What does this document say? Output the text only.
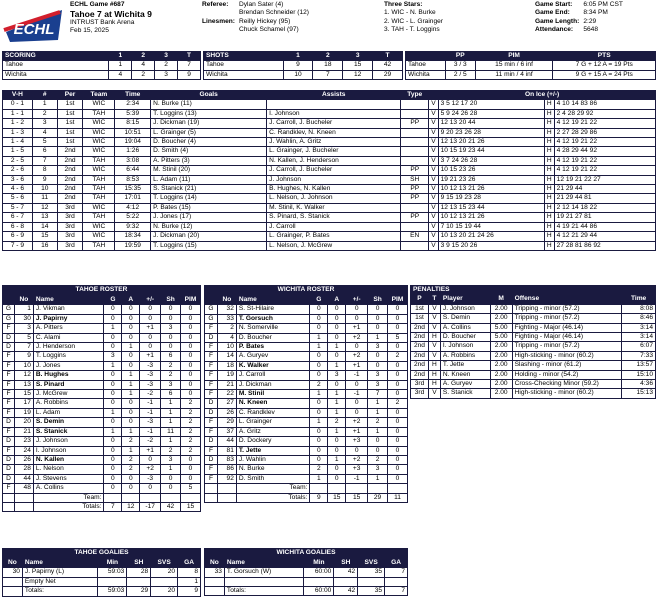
ECHL
ECHL Game #687
Tahoe 7 at Wichita 9
INTRUST Bank Arena
Feb 15, 2025
Referee:	Dylan Sater (4)
	Brendan Schneider (12)
Linesmen:	Reilly Hickey (95)
	Chuck Schamel (97)
Three Stars:
1. WIC - N. Burke
2. WIC - L. Grainger
3. TAH - T. Loggins
Game Start:	6:05 PM CST
Game End:	8:34 PM
Game Length:	2:29
Attendance:	5648
SCORING	1	2	3	T
Tahoe	1	4	2	7
Wichita	4	2	3	9
SHOTS	1	2	3	T
Tahoe	9	18	15	42
Wichita	10	7	12	29
	PP	PIM	PTS
Tahoe	3 / 3	15 min / 6 inf	7 G + 12 A = 19 Pts
Wichita	2 / 5	11 min / 4 inf	9 G + 15 A = 24 Pts
V-H	#	Per	Team	Time	Goals	Assists	Type	On Ice (+/-)			
0 - 1	1	1st	WIC	2:34	N. Burke (11)			V	3 5 12 17 20	H	4 10 14 83 86
1 - 1	2	1st	TAH	5:39	T. Loggins (13)	I. Johnson		V	5 9 24 26 28	H	2 4 28 29 92
1 - 2	3	1st	WIC	8:15	J. Dickman (19)	J. Carroll, J. Bucheler	PP	V	12 13 20 44	H	4 12 19 21 22
1 - 3	4	1st	WIC	10:51	L. Grainger (5)	C. Randklev, N. Kneen		V	9 20 23 26 28	H	2 27 28 29 86
1 - 4	5	1st	WIC	19:04	D. Boucher (4)	J. Wahlin, A. Gritz		V	12 13 20 21 26	H	4 12 19 21 22
1 - 5	6	2nd	WIC	1:26	D. Smith (4)	L. Grainger, J. Bucheler		V	10 15 19 23 44	H	4 28 29 44 92
2 - 5	7	2nd	TAH	3:08	A. Pitters (3)	N. Kallen, J. Henderson		V	3 7 24 26 28	H	4 12 19 21 22
2 - 6	8	2nd	WIC	6:44	M. Stinil (20)	J. Carroll, J. Bucheler	PP	V	10 15 23 26	H	4 12 19 21 22
3 - 6	9	2nd	TAH	8:53	L. Adam (11)	J. Johnson	SH	V	19 21 23 26	H	12 19 21 22 27
4 - 6	10	2nd	TAH	15:35	S. Stanick (21)	B. Hughes, N. Kallen	PP	V	10 12 13 21 26	H	21 29 44
5 - 6	11	2nd	TAH	17:01	T. Loggins (14)	L. Nelson, J. Johnson	PP	V	9 15 19 23 28	H	21 29 44 81
5 - 7	12	3rd	WIC	4:12	P. Bates (15)	M. Stinil, K. Walker		V	12 13 15 23 44	H	2 12 14 18 22
6 - 7	13	3rd	TAH	5:22	J. Jones (17)	S. Pinard, S. Stanick	PP	V	10 12 13 21 26	H	19 21 27 81
6 - 8	14	3rd	WIC	9:32	N. Burke (12)	J. Carroll		V	7 10 15 19 44	H	4 19 21 44 86
6 - 9	15	3rd	WIC	18:34	J. Dickman (20)	L. Grainger, P. Bates	EN	V	10 13 20 21 24 26	H	4 12 21 29 44
7 - 9	16	3rd	TAH	19:59	T. Loggins (15)	L. Nelson, J. McGrew		V	3 9 15 20 26	H	27 28 81 86 92
TAHOE ROSTER
	No	Name	G	A	+/-	Sh	PIM
G	1	J. Vikman	0	0	0	0	0
G	30	J. Papirny	0	0	0	0	0
F	3	A. Pitters	1	0	+1	3	0
D	5	C. Alami	0	0	0	0	0
D	7	J. Henderson	0	1	0	0	0
F	9	T. Loggins	3	0	+1	6	0
F	10	J. Jones	1	0	-3	2	0
F	12	B. Hughes	0	1	-3	2	0
F	13	S. Pinard	0	1	-3	3	0
F	15	J. McGrew	0	1	-2	6	0
F	17	A. Robbins	0	0	-1	1	2
F	19	L. Adam	1	0	-1	1	2
D	20	S. Demin	0	0	-3	1	2
F	21	S. Stanick	1	1	-1	11	2
D	23	J. Johnson	0	2	-2	1	2
F	24	I. Johnson	0	1	+1	2	2
D	26	N. Kallen	0	2	0	3	0
D	28	L. Nelson	0	2	+2	1	0
D	44	J. Stevens	0	0	-3	0	0
F	48	A. Collins	0	0	0	0	5
		Team:					
		Totals:	7	12	-17	42	15
WICHITA ROSTER
	No	Name	G	A	+/-	Sh	PIM
G	32	S. St-Hilaire	0	0	0	0	0
G	33	T. Gorsuch	0	0	0	0	0
F	2	N. Somerville	0	0	+1	0	0
D	4	D. Boucher	1	0	+2	1	5
F	10	P. Bates	1	1	0	3	0
F	14	A. Guryev	0	0	+2	0	2
F	18	K. Walker	0	1	+1	0	0
F	19	J. Carroll	0	3	-1	3	0
F	21	J. Dickman	2	0	0	3	0
F	22	M. Stinil	1	1	-1	7	0
D	27	N. Kneen	0	1	0	1	2
D	26	C. Randklev	0	1	0	1	0
F	29	L. Grainger	1	2	+2	2	0
F	37	A. Gritz	0	1	+1	1	0
D	44	D. Dockery	0	0	+3	0	0
F	81	T. Jette	0	0	0	0	0
D	83	J. Wahlin	0	1	+2	2	0
F	86	N. Burke	2	0	+3	3	0
F	92	D. Smith	1	0	-1	1	0
		Team:					
		Totals:	9	15	15	29	11
PENALTIES					
P	T	Player	M	Offense	Time
1st	V	J. Johnson	2.00	Tripping - minor (57.2)	8:08
1st	V	S. Demin	2.00	Tripping - minor (57.2)	8:46
2nd	V	A. Collins	5.00	Fighting - Major (46.14)	3:14
2nd	H	D. Boucher	5.00	Fighting - Major (46.14)	3:14
2nd	V	I. Johnson	2.00	Tripping - minor (57.2)	6:07
2nd	V	A. Robbins	2.00	High-sticking - minor (60.2)	7:33
2nd	H	T. Jette	2.00	Slashing - minor (61.2)	13:57
2nd	H	N. Kneen	2.00	Holding - minor (54.2)	15:10
3rd	H	A. Guryev	2.00	Cross-Checking Minor (59.2)	4:36
3rd	V	S. Stanick	2.00	High-sticking - minor (60.2)	15:13
TAHOE GOALIES
No	Name	Min	SH	SVS	GA
30	J. Papirny (L)	59:03	28	20	8
	Empty Net				1
	Totals:	59:03	29	20	9
WICHITA GOALIES
No	Name	Min	SH	SVS	GA
33	T. Gorsuch (W)	60:00	42	35	7

	Totals:	60:00	42	35	7
